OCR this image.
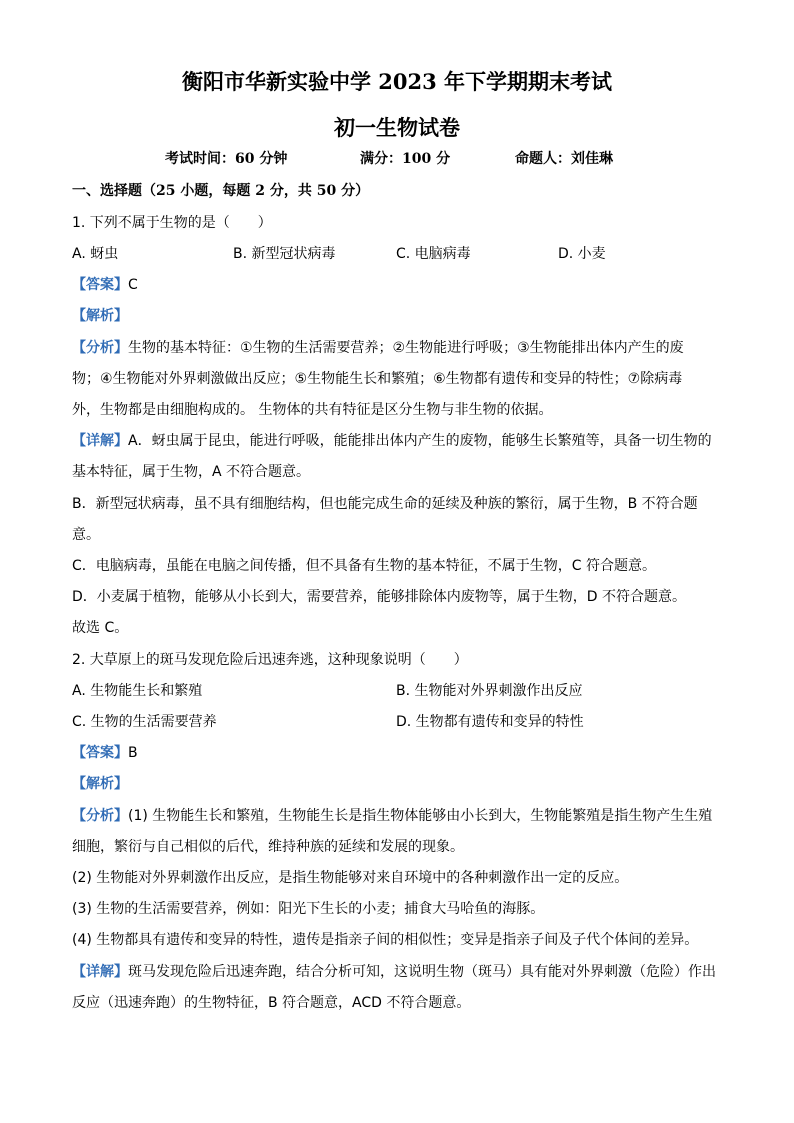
衡阳市华新实验中学 2023 年下学期期末考试
初一生物试卷
考试时间：60 分钟	满分：100 分	命题人：刘佳琳
一、选择题（25 小题，每题 2 分，共 50 分）
1. 下列不属于生物的是（　　）
A. 蚜虫	B. 新型冠状病毒	C. 电脑病毒	D. 小麦
【答案】C
【解析】
【分析】生物的基本特征：①生物的生活需要营养；②生物能进行呼吸；③生物能排出体内产生的废
物；④生物能对外界刺激做出反应；⑤生物能生长和繁殖；⑥生物都有遗传和变异的特性；⑦除病毒
外，生物都是由细胞构成的。 生物体的共有特征是区分生物与非生物的依据。
【详解】A．蚜虫属于昆虫，能进行呼吸，能能排出体内产生的废物，能够生长繁殖等，具备一切生物的
基本特征，属于生物，A 不符合题意。
B．新型冠状病毒，虽不具有细胞结构，但也能完成生命的延续及种族的繁衍，属于生物，B 不符合题
意。
C．电脑病毒，虽能在电脑之间传播，但不具备有生物的基本特征，不属于生物，C 符合题意。
D．小麦属于植物，能够从小长到大，需要营养，能够排除体内废物等，属于生物，D 不符合题意。
故选 C。
2. 大草原上的斑马发现危险后迅速奔逃，这种现象说明（　　）
A. 生物能生长和繁殖	B. 生物能对外界刺激作出反应
C. 生物的生活需要营养	D. 生物都有遗传和变异的特性
【答案】B
【解析】
【分析】(1) 生物能生长和繁殖，生物能生长是指生物体能够由小长到大，生物能繁殖是指生物产生生殖
细胞，繁衍与自己相似的后代，维持种族的延续和发展的现象。
(2) 生物能对外界刺激作出反应，是指生物能够对来自环境中的各种刺激作出一定的反应。
(3) 生物的生活需要营养，例如：阳光下生长的小麦；捕食大马哈鱼的海豚。
(4) 生物都具有遗传和变异的特性，遗传是指亲子间的相似性；变异是指亲子间及子代个体间的差异。
【详解】斑马发现危险后迅速奔跑，结合分析可知，这说明生物（斑马）具有能对外界刺激（危险）作出
反应（迅速奔跑）的生物特征，B 符合题意，ACD 不符合题意。
